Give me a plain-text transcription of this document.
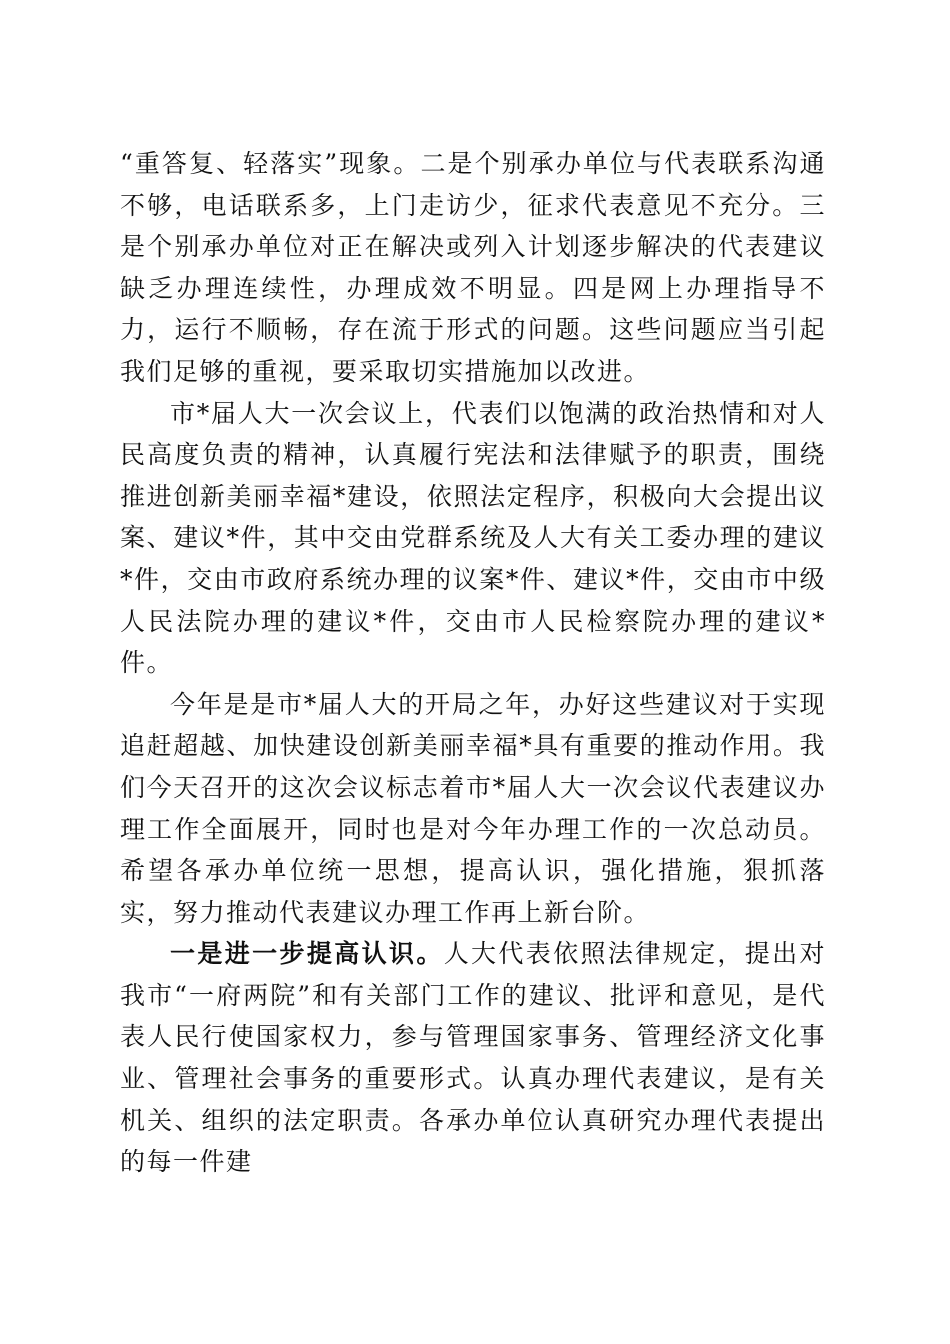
“重答复、轻落实”现象。二是个别承办单位与代表联系沟通不够，电话联系多，上门走访少，征求代表意见不充分。三是个别承办单位对正在解决或列入计划逐步解决的代表建议缺乏办理连续性，办理成效不明显。四是网上办理指导不力，运行不顺畅，存在流于形式的问题。这些问题应当引起我们足够的重视，要采取切实措施加以改进。

市*届人大一次会议上，代表们以饱满的政治热情和对人民高度负责的精神，认真履行宪法和法律赋予的职责，围绕推进创新美丽幸福*建设，依照法定程序，积极向大会提出议案、建议*件，其中交由党群系统及人大有关工委办理的建议*件，交由市政府系统办理的议案*件、建议*件，交由市中级人民法院办理的建议*件，交由市人民检察院办理的建议*件。

今年是是市*届人大的开局之年，办好这些建议对于实现追赶超越、加快建设创新美丽幸福*具有重要的推动作用。我们今天召开的这次会议标志着市*届人大一次会议代表建议办理工作全面展开，同时也是对今年办理工作的一次总动员。希望各承办单位统一思想，提高认识，强化措施，狠抓落实，努力推动代表建议办理工作再上新台阶。

一是进一步提高认识。人大代表依照法律规定，提出对我市“一府两院”和有关部门工作的建议、批评和意见，是代表人民行使国家权力，参与管理国家事务、管理经济文化事业、管理社会事务的重要形式。认真办理代表建议，是有关机关、组织的法定职责。各承办单位认真研究办理代表提出的每一件建
